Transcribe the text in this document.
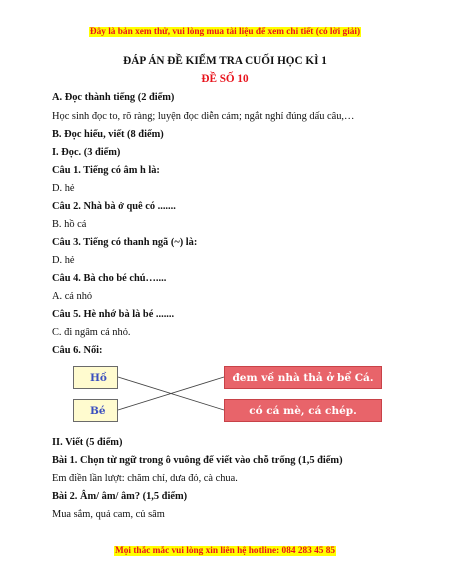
Đây là bản xem thử, vui lòng mua tài liệu để xem chi tiết (có lời giải)
ĐÁP ÁN ĐỀ KIỂM TRA CUỐI HỌC KÌ 1
ĐỀ SỐ 10
A. Đọc thành tiếng (2 điểm)
Học sinh đọc to, rõ ràng; luyện đọc diễn cảm; ngắt nghỉ đúng dấu câu,…
B. Đọc hiểu, viết (8 điểm)
I. Đọc. (3 điểm)
Câu 1. Tiếng có âm h là:
D. hẻ
Câu 2. Nhà bà ở quê có .......
B. hồ cá
Câu 3. Tiếng có thanh ngã (~) là:
D. hẻ
Câu 4. Bà cho bé chú…....
A. cá nhỏ
Câu 5. Hè nhớ bà là bé .......
C. đi ngâm cá nhỏ.
Câu 6. Nối:
Hồ
Bé
đem về nhà thả ở bể Cá.
có cá mè, cá chép.
II. Viết (5 điểm)
Bài 1. Chọn từ ngữ trong ô vuông để viết vào chỗ trống (1,5 điểm)
Em điền lần lượt: chăm chỉ, dưa đỏ, cà chua.
Bài 2. Âm/ âm/ âm? (1,5 điểm)
Mua sắm, quả cam, củ sâm
Mọi thắc mắc vui lòng xin liên hệ hotline: 084 283 45 85
